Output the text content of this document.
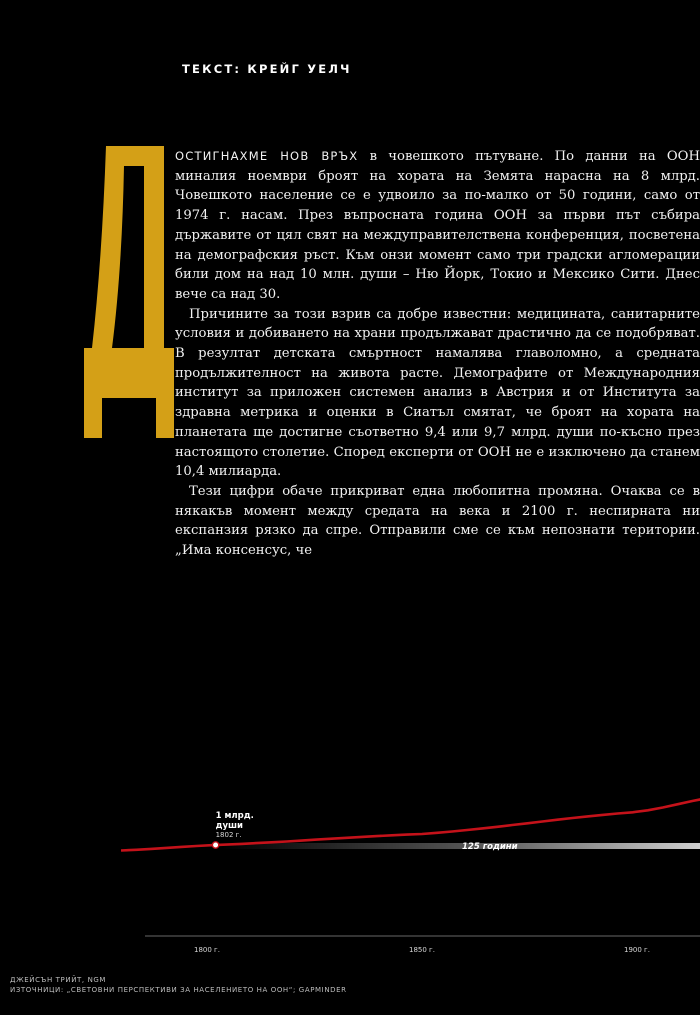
ТЕКСТ: КРЕЙГ УЕЛЧ

ОСТИГНАХМЕ НОВ ВРЪХ в човешкото пътуване. По данни на ООН миналия ноември броят на хората на Земята нарасна на 8 млрд. Човешкото население се е удвоило за по-малко от 50 години, само от 1974 г. насам. През въпросната година ООН за първи път събира държавите от цял свят на междуправителствена конференция, посветена на демографския ръст. Към онзи момент само три градски агломерации били дом на над 10 млн. души – Ню Йорк, Токио и Мексико Сити. Днес вече са над 30.

Причините за този взрив са добре известни: медицината, санитарните условия и добиването на храни продължават драстично да се подобряват. В резултат детската смъртност намалява главоломно, а средната продължителност на живота расте. Демографите от Международния институт за приложен системен анализ в Австрия и от Института за здравна метрика и оценки в Сиатъл смятат, че броят на хората на планетата ще достигне съответно 9,4 или 9,7 млрд. души по-късно през настоящото столетие. Според експерти от ООН не е изключено да станем 10,4 милиарда.

Тези цифри обаче прикриват една любопитна промяна. Очаква се в някакъв момент между средата на века и 2100 г. неспирната ни експанзия рязко да спре. Отправили сме се към непознати територии. „Има консенсус, че

125 години
1 млрд.
души
1802 г.
1800 г.	1850 г.	1900 г.
ДЖЕЙСЪН ТРИЙТ, NGM
ИЗТОЧНИЦИ: „СВЕТОВНИ ПЕРСПЕКТИВИ ЗА НАСЕЛЕНИЕТО НА ООН“; GAPMINDER
